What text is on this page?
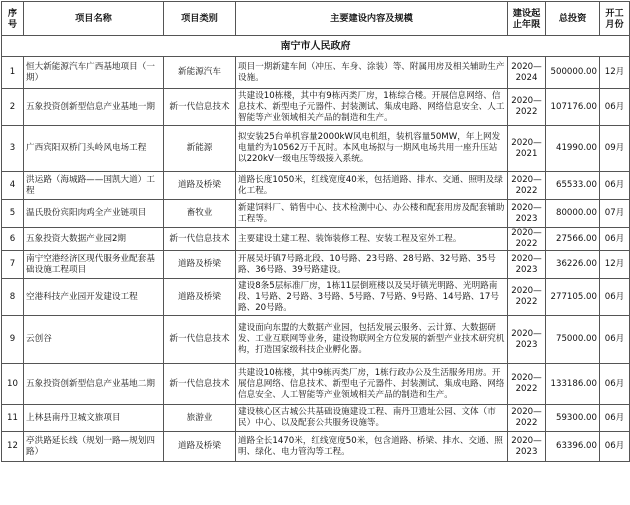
序号	项目名称	项目类别	主要建设内容及规模	建设起止年限	总投资	开工月份
南宁市人民政府						
1	恒大新能源汽车广西基地项目（一期）	新能源汽车	项目一期新建车间（冲压、车身、涂装）等、附属用房及相关辅助生产设施。	2020—2024	500000.00	12月
2	五象投资创新型信息产业基地一期	新一代信息技术	共建设10栋楼，其中有9栋丙类厂房，1栋综合楼。开展信息网络、信息技术、新型电子元器件、封装测试、集成电路、网络信息安全、人工智能等产业领域相关产品的制造和生产。	2020—2022	107176.00	06月
3	广西宾阳双桥门头岭风电场工程	新能源	拟安装25台单机容量2000kW风电机组，装机容量50MW，年上网发电量约为10562万千瓦时。本风电场拟与一期风电场共用一座升压站以220kV一级电压等级接入系统。	2020—2021	41990.00	09月
4	洪运路（海城路——国凯大道）工程	道路及桥梁	道路长度1050米，红线宽度40米，包括道路、排水、交通、照明及绿化工程。	2020—2022	65533.00	06月
5	温氏股份宾阳肉鸡全产业链项目	畜牧业	新建饲料厂、销售中心、技术检测中心、办公楼和配套用房及配套辅助工程等。	2020—2023	80000.00	07月
6	五象投资大数据产业园2期	新一代信息技术	主要建设土建工程、装饰装修工程、安装工程及室外工程。	2020—2022	27566.00	06月
7	南宁空港经济区现代服务业配套基础设施工程项目	道路及桥梁	开展吴圩镇7号路北段、10号路、23号路、28号路、32号路、35号路、36号路、39号路建设。	2020—2023	36226.00	12月
8	空港科技产业园开发建设工程	道路及桥梁	建设8条5层标准厂房，1栋11层倒班楼以及吴圩镇光明路、光明路南段、1号路、2号路、3号路、5号路、7号路、9号路、14号路、17号路、20号路。	2020—2022	277105.00	06月
9	云创谷	新一代信息技术	建设面向东盟的大数据产业园，包括发展云服务、云计算、大数据研发、工业互联网等业务，建设物联网全方位发展的新型产业技术研究机构，打造国家级科技企业孵化器。	2020—2023	75000.00	06月
10	五象投资创新型信息产业基地二期	新一代信息技术	共建设10栋楼，其中9栋丙类厂房，1栋行政办公及生活服务用房。开展信息网络、信息技术、新型电子元器件、封装测试、集成电路、网络信息安全、人工智能等产业领域相关产品的制造和生产。	2020—2022	133186.00	06月
11	上林县南丹卫城文旅项目	旅游业	建设核心区古城公共基础设施建设工程、南丹卫遗址公园、文体（市民）中心、以及配套公共服务设施等。	2020—2022	59300.00	06月
12	亭洪路延长线（规划一路—规划四路）	道路及桥梁	道路全长1470米，红线宽度50米，包含道路、桥梁、排水、交通、照明、绿化、电力管沟等工程。	2020—2023	63396.00	06月
